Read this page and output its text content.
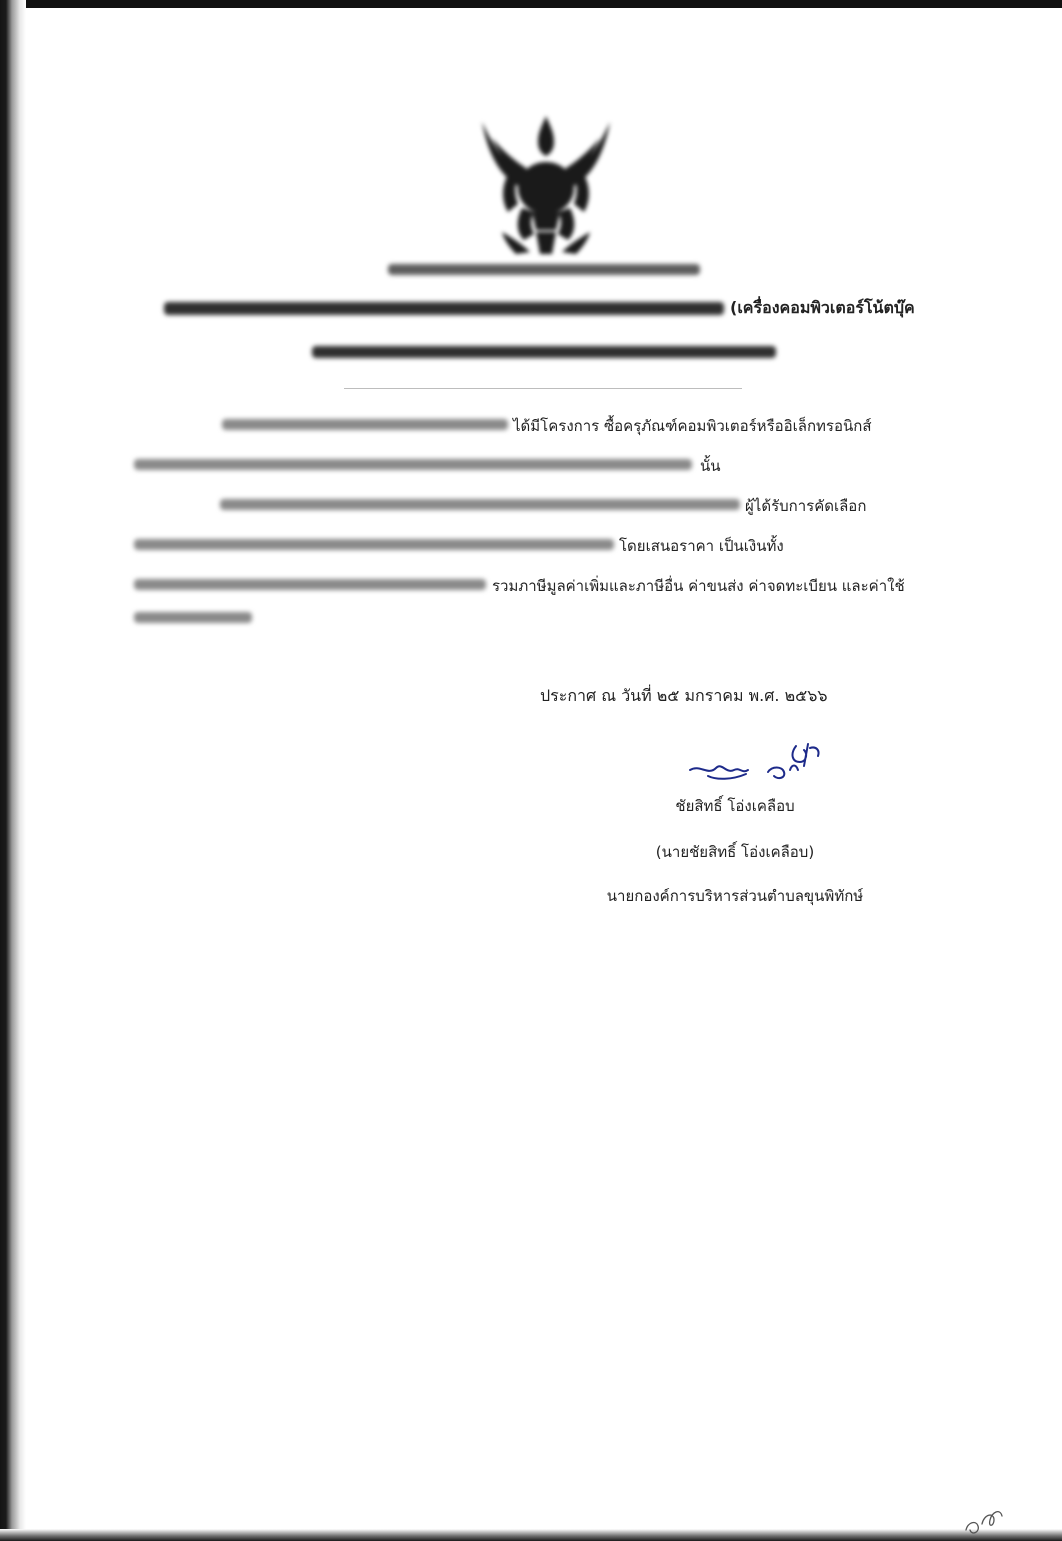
(เครื่องคอมพิวเตอร์โน้ตบุ๊ค
ได้มีโครงการ ซื้อครุภัณฑ์คอมพิวเตอร์หรืออิเล็กทรอนิกส์
นั้น
ผู้ได้รับการคัดเลือก
โดยเสนอราคา เป็นเงินทั้ง
รวมภาษีมูลค่าเพิ่มและภาษีอื่น ค่าขนส่ง ค่าจดทะเบียน และค่าใช้
ประกาศ ณ วันที่ ๒๕ มกราคม พ.ศ. ๒๕๖๖
ชัยสิทธิ์ โอ่งเคลือบ
(นายชัยสิทธิ์ โอ่งเคลือบ)
นายกองค์การบริหารส่วนตำบลขุนพิทักษ์
